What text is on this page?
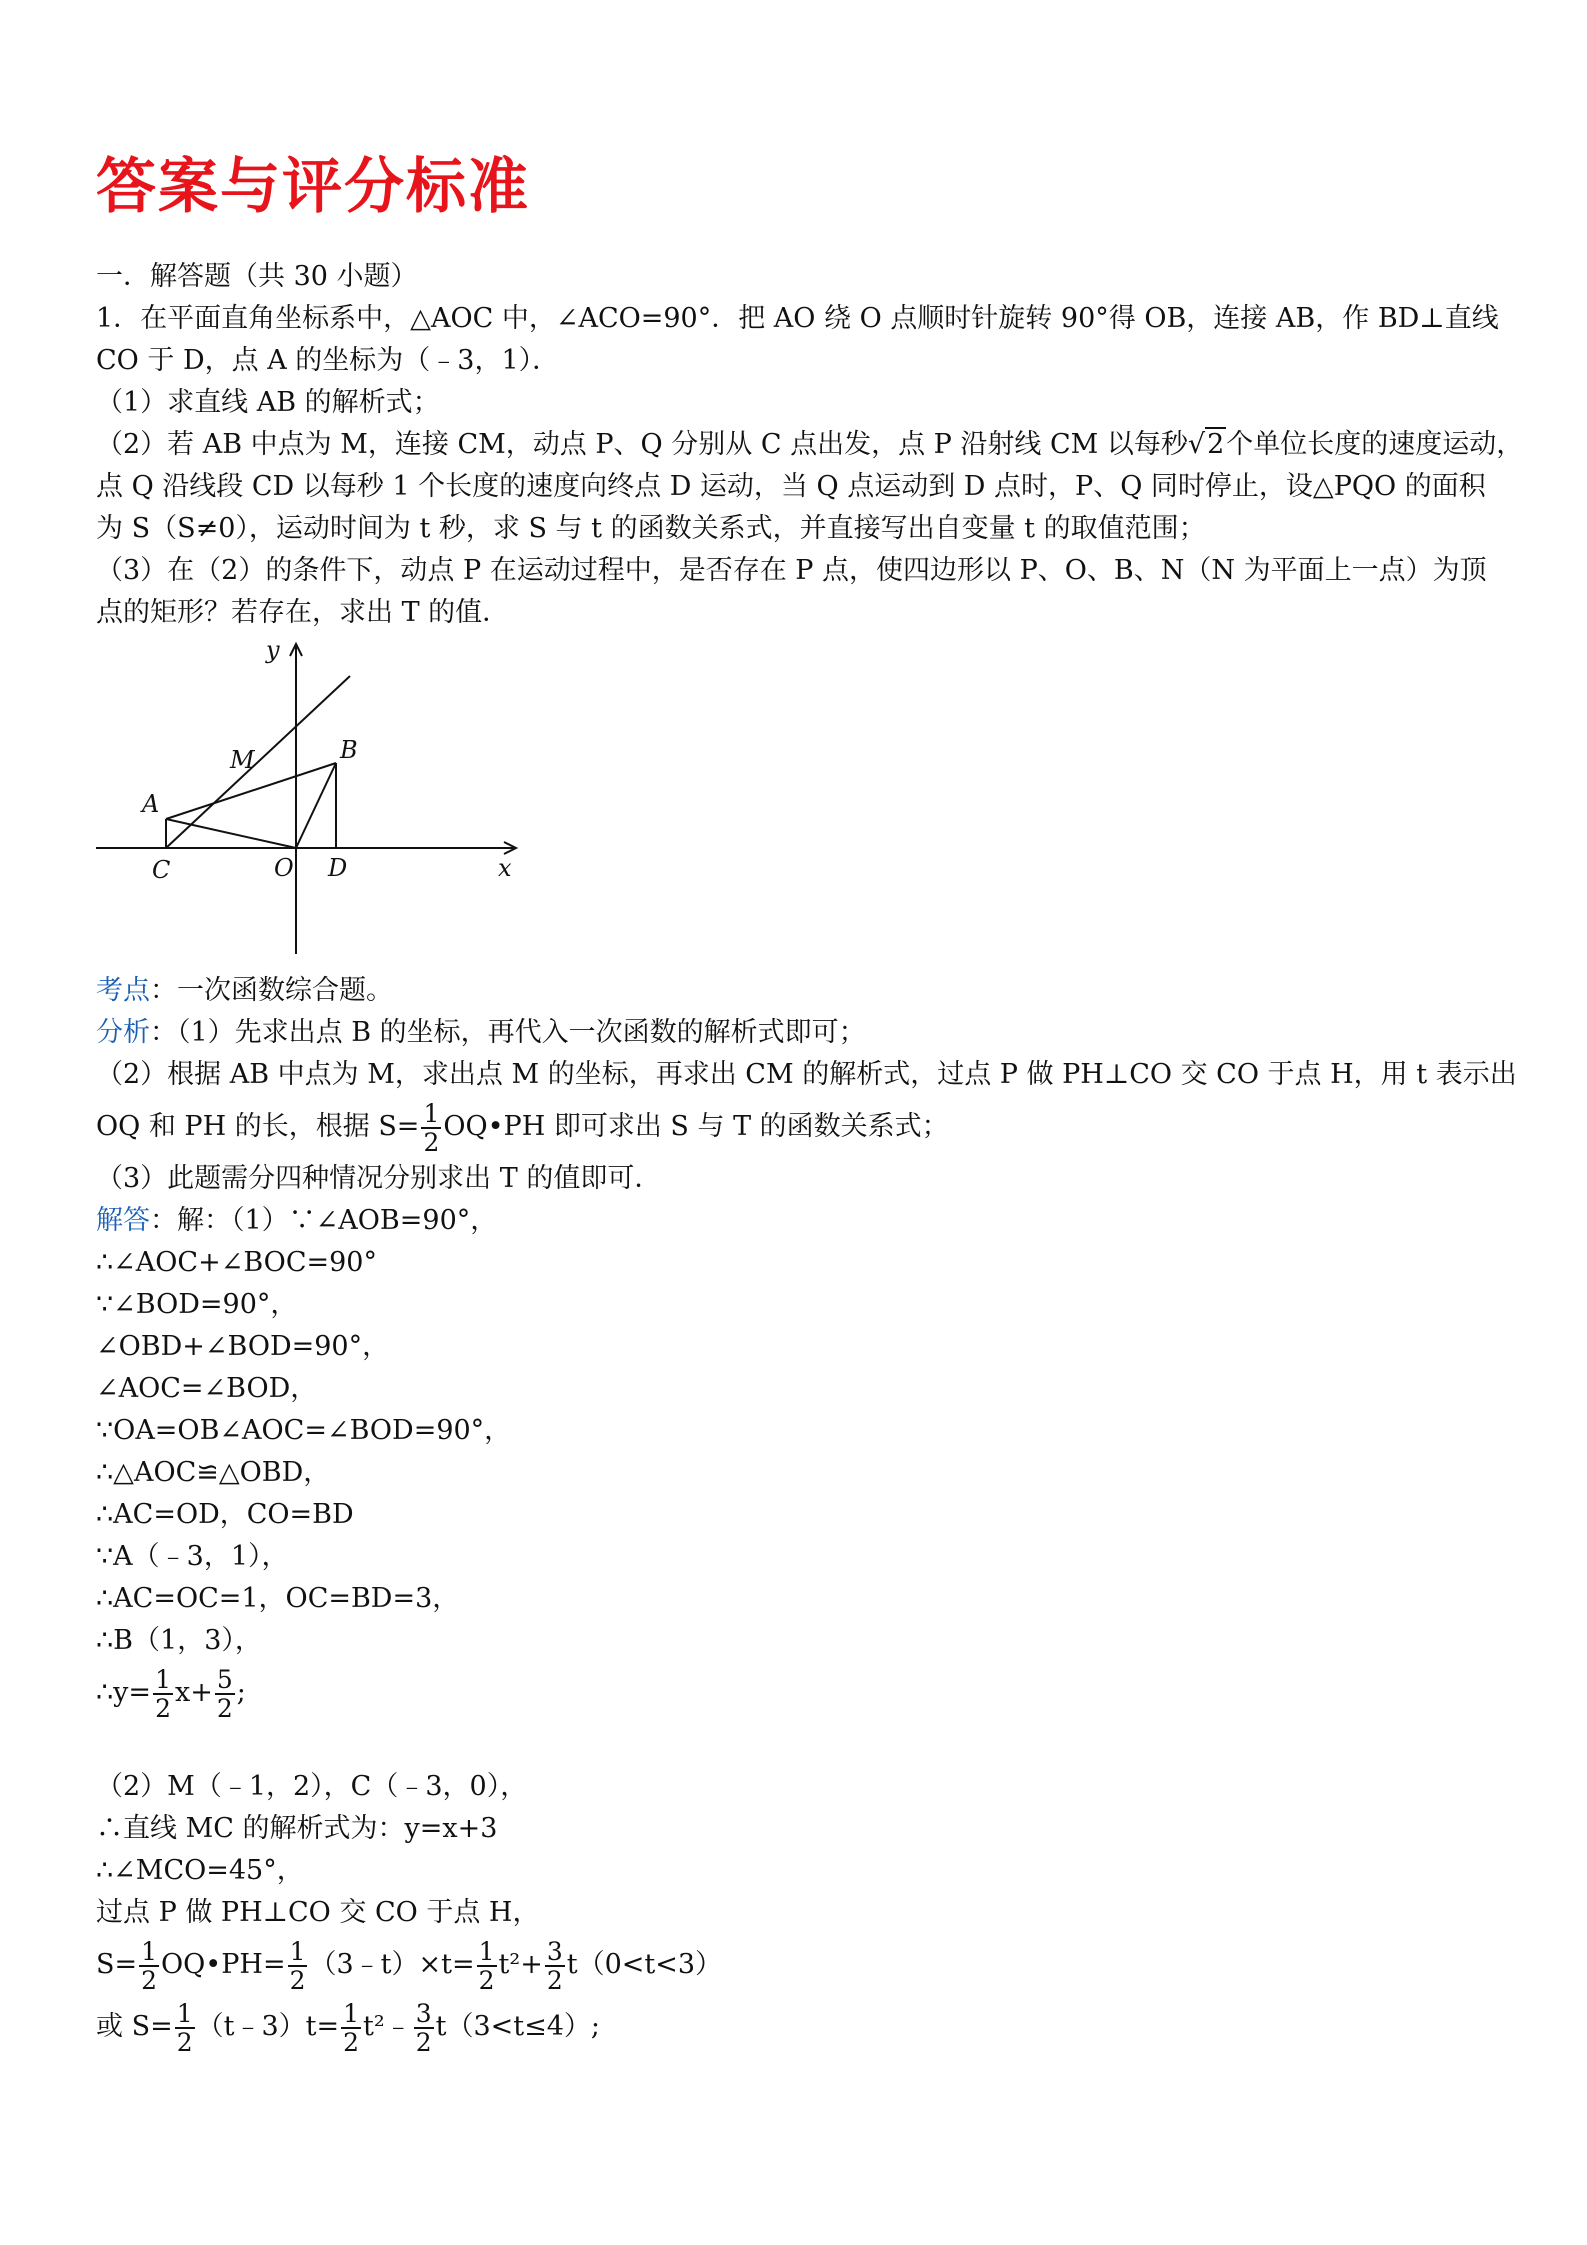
答案与评分标准
一．解答题（共 30 小题）
1．在平面直角坐标系中，△AOC 中，∠ACO=90°．把 AO 绕 O 点顺时针旋转 90°得 OB，连接 AB，作 BD⊥直线
CO 于 D，点 A 的坐标为（﹣3，1）．
（1）求直线 AB 的解析式；
（2）若 AB 中点为 M，连接 CM，动点 P、Q 分别从 C 点出发，点 P 沿射线 CM 以每秒√2个单位长度的速度运动，
点 Q 沿线段 CD 以每秒 1 个长度的速度向终点 D 运动，当 Q 点运动到 D 点时，P、Q 同时停止，设△PQO 的面积
为 S（S≠0），运动时间为 t 秒，求 S 与 t 的函数关系式，并直接写出自变量 t 的取值范围；
（3）在（2）的条件下，动点 P 在运动过程中，是否存在 P 点，使四边形以 P、O、B、N（N 为平面上一点）为顶
点的矩形？若存在，求出 T 的值．
y
x
A
B
C	D
M
O
考点：一次函数综合题。
分析：（1）先求出点 B 的坐标，再代入一次函数的解析式即可；
（2）根据 AB 中点为 M，求出点 M 的坐标，再求出 CM 的解析式，过点 P 做 PH⊥CO 交 CO 于点 H，用 t 表示出
OQ 和 PH 的长，根据 $S= \frac{1}{2}$ OQ•PH 即可求出 S 与 T 的函数关系式；
（3）此题需分四种情况分别求出 T 的值即可．
解答：解：（1）∵∠AOB=90°，
∴∠AOC+∠BOC=90°
∵∠BOD=90°，
∠OBD+∠BOD=90°，
∠AOC=∠BOD，
∵OA=OB∠AOC=∠BOD=90°，
∴△AOC≌△OBD，
∴AC=OD，CO=BD
∵A（﹣3，1），
∴AC=OC=1，OC=BD=3，
∴B（1，3），
∴y= $\frac{1}{2} x+ \frac{5}{2}$ ;
（2）M（﹣1，2），C（﹣3，0），
∴直线 MC 的解析式为：y=x+3
∴∠MCO=45°，
过点 P 做 PH⊥CO 交 CO 于点 H，
$S= \frac{1}{2}$ OQ•PH= $\frac{1}{2}$ （3﹣t）×t= $\frac{1}{2} t^2+ \frac{3}{2} t(0<t<3)$
或 $S= \frac{1}{2}$ （t﹣3）t= $\frac{1}{2}$ t²﹣ $\frac{3}{2} t(3<t\le 4)$;
